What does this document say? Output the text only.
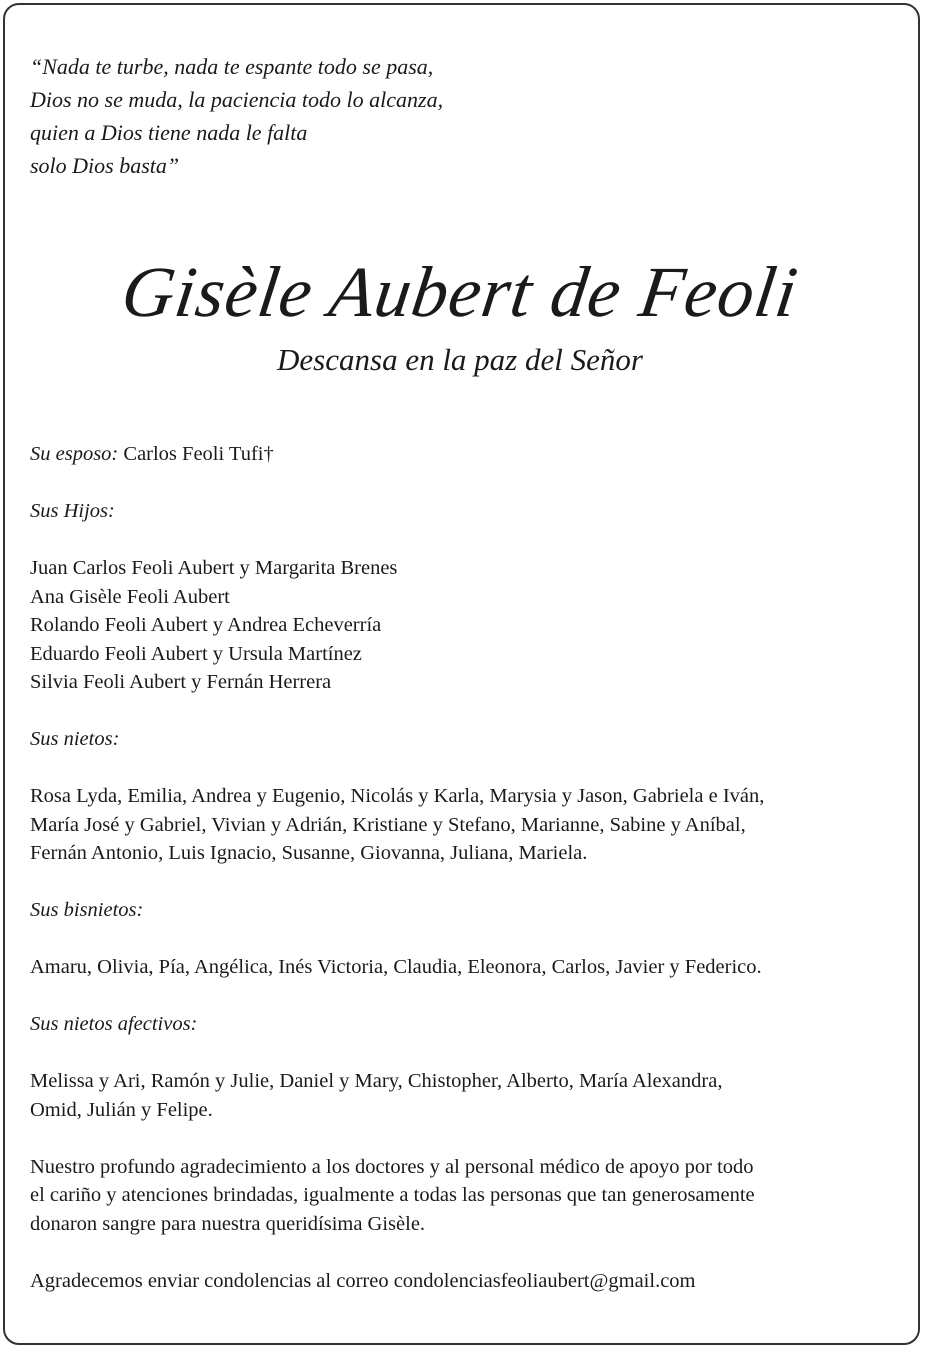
“Nada te turbe, nada te espante todo se pasa,
Dios no se muda, la paciencia todo lo alcanza,
quien a Dios tiene nada le falta
solo Dios basta”
Gisèle Aubert de Feoli
Descansa en la paz del Señor
Su esposo: Carlos Feoli Tufi†
Sus Hijos:
Juan Carlos Feoli Aubert y Margarita Brenes
Ana Gisèle Feoli Aubert
Rolando Feoli Aubert y Andrea Echeverría
Eduardo Feoli Aubert y Ursula Martínez
Silvia Feoli Aubert y Fernán Herrera
Sus nietos:
Rosa Lyda, Emilia, Andrea y Eugenio, Nicolás y Karla, Marysia y Jason, Gabriela e Iván,
María José y Gabriel, Vivian y Adrián, Kristiane y Stefano, Marianne, Sabine y Aníbal,
Fernán Antonio, Luis Ignacio, Susanne, Giovanna, Juliana, Mariela.
Sus bisnietos:
Amaru, Olivia, Pía, Angélica, Inés Victoria, Claudia, Eleonora, Carlos, Javier y Federico.
Sus nietos afectivos:
Melissa y Ari, Ramón y Julie, Daniel y Mary, Chistopher, Alberto, María Alexandra,
Omid, Julián y Felipe.
Nuestro profundo agradecimiento a los doctores y al personal médico de apoyo por todo
el cariño y atenciones brindadas, igualmente a todas las personas que tan generosamente
donaron sangre para nuestra queridísima Gisèle.
Agradecemos enviar condolencias al correo condolenciasfeoliaubert@gmail.com
